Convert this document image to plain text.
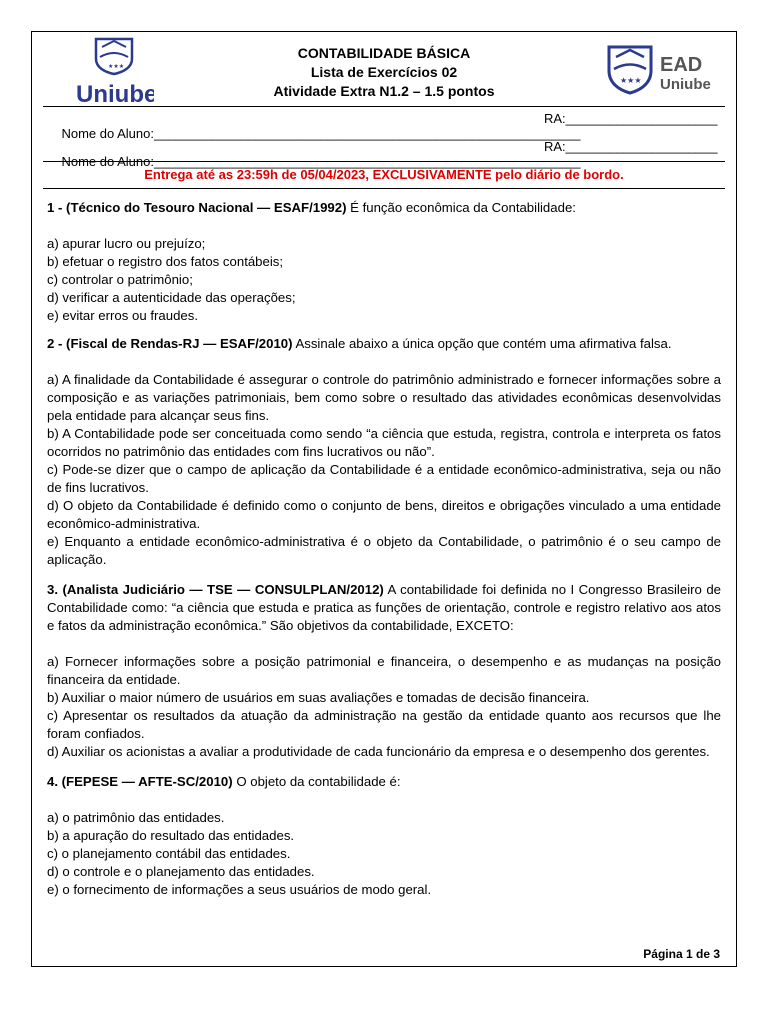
★★★
Uniube
CONTABILIDADE BÁSICA
Lista de Exercícios 02
Atividade Extra N1.2 – 1.5 pontos
★★★
EAD
Uniube

Nome do Aluno:___________________________________________________________

RA:_____________________

Nome do Aluno:___________________________________________________________

RA:_____________________

Entrega até as 23:59h de 05/04/2023, EXCLUSIVAMENTE pelo diário de bordo.

1 - (Técnico do Tesouro Nacional — ESAF/1992) É função econômica da Contabilidade:

a) apurar lucro ou prejuízo;

b) efetuar o registro dos fatos contábeis;

c) controlar o patrimônio;

d) verificar a autenticidade das operações;

e) evitar erros ou fraudes.

2 - (Fiscal de Rendas-RJ — ESAF/2010) Assinale abaixo a única opção que contém uma afirmativa falsa.

a) A finalidade da Contabilidade é assegurar o controle do patrimônio administrado e fornecer informações sobre a composição e as variações patrimoniais, bem como sobre o resultado das atividades econômicas desenvolvidas pela entidade para alcançar seus fins.

b) A Contabilidade pode ser conceituada como sendo “a ciência que estuda, registra, controla e interpreta os fatos ocorridos no patrimônio das entidades com fins lucrativos ou não”.

c) Pode-se dizer que o campo de aplicação da Contabilidade é a entidade econômico-administrativa, seja ou não de fins lucrativos.

d) O objeto da Contabilidade é definido como o conjunto de bens, direitos e obrigações vinculado a uma entidade econômico-administrativa.

e) Enquanto a entidade econômico-administrativa é o objeto da Contabilidade, o patrimônio é o seu campo de aplicação.

3. (Analista Judiciário — TSE — CONSULPLAN/2012) A contabilidade foi definida no I Congresso Brasileiro de Contabilidade como: “a ciência que estuda e pratica as funções de orientação, controle e registro relativo aos atos e fatos da administração econômica.” São objetivos da contabilidade, EXCETO:

a) Fornecer informações sobre a posição patrimonial e financeira, o desempenho e as mudanças na posição financeira da entidade.

b) Auxiliar o maior número de usuários em suas avaliações e tomadas de decisão financeira.

c) Apresentar os resultados da atuação da administração na gestão da entidade quanto aos recursos que lhe foram confiados.

d) Auxiliar os acionistas a avaliar a produtividade de cada funcionário da empresa e o desempenho dos gerentes.

4. (FEPESE — AFTE-SC/2010) O objeto da contabilidade é:

a) o patrimônio das entidades.

b) a apuração do resultado das entidades.

c) o planejamento contábil das entidades.

d) o controle e o planejamento das entidades.

e) o fornecimento de informações a seus usuários de modo geral.

Página 1 de 3
